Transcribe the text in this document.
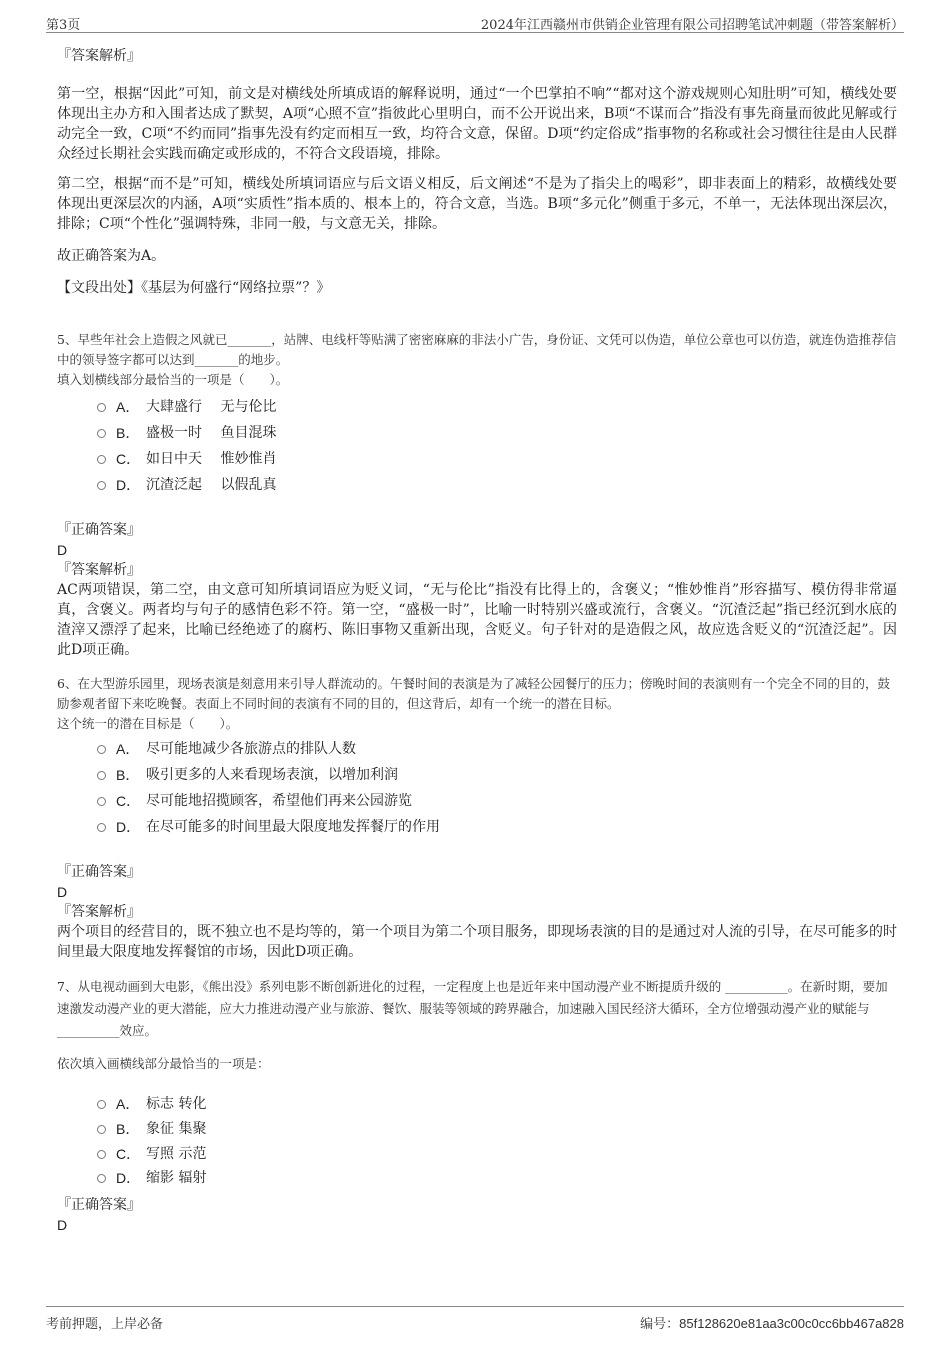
第3页	2024年江西赣州市供销企业管理有限公司招聘笔试冲刺题（带答案解析）

『答案解析』

第一空，根据“因此”可知，前文是对横线处所填成语的解释说明，通过“一个巴掌拍不响”“都对这个游戏规则心知肚明”可知，横线处要体现出主办方和入围者达成了默契，A项“心照不宣”指彼此心里明白，而不公开说出来，B项“不谋而合”指没有事先商量而彼此见解或行动完全一致，C项“不约而同”指事先没有约定而相互一致，均符合文意，保留。D项“约定俗成”指事物的名称或社会习惯往往是由人民群众经过长期社会实践而确定或形成的，不符合文段语境，排除。

第二空，根据“而不是”可知，横线处所填词语应与后文语义相反，后文阐述“不是为了指尖上的喝彩”，即非表面上的精彩，故横线处要体现出更深层次的内涵，A项“实质性”指本质的、根本上的，符合文意，当选。B项“多元化”侧重于多元，不单一，无法体现出深层次，排除；C项“个性化”强调特殊，非同一般，与文意无关，排除。

故正确答案为A。

【文段出处】《基层为何盛行“网络拉票”？》

5、早些年社会上造假之风就已_______，站牌、电线杆等贴满了密密麻麻的非法小广告，身份证、文凭可以伪造，单位公章也可以仿造，就连伪造推荐信中的领导签字都可以达到_______的地步。

填入划横线部分最恰当的一项是（　　）。

A． 大肆盛行　 无与伦比
B． 盛极一时　 鱼目混珠
C． 如日中天　 惟妙惟肖
D． 沉渣泛起　 以假乱真

『正确答案』

D

『答案解析』

AC两项错误，第二空，由文意可知所填词语应为贬义词，“无与伦比”指没有比得上的，含褒义；“惟妙惟肖”形容描写、模仿得非常逼真，含褒义。两者均与句子的感情色彩不符。第一空，“盛极一时”，比喻一时特别兴盛或流行，含褒义。“沉渣泛起”指已经沉到水底的渣滓又漂浮了起来，比喻已经绝迹了的腐朽、陈旧事物又重新出现，含贬义。句子针对的是造假之风，故应选含贬义的“沉渣泛起”。因此D项正确。

6、在大型游乐园里，现场表演是刻意用来引导人群流动的。午餐时间的表演是为了减轻公园餐厅的压力；傍晚时间的表演则有一个完全不同的目的，鼓励参观者留下来吃晚餐。表面上不同时间的表演有不同的目的，但这背后，却有一个统一的潜在目标。

这个统一的潜在目标是（　　）。

A． 尽可能地减少各旅游点的排队人数
B． 吸引更多的人来看现场表演，以增加利润
C． 尽可能地招揽顾客，希望他们再来公园游览
D． 在尽可能多的时间里最大限度地发挥餐厅的作用

『正确答案』

D

『答案解析』

两个项目的经营目的，既不独立也不是均等的，第一个项目为第二个项目服务，即现场表演的目的是通过对人流的引导，在尽可能多的时间里最大限度地发挥餐馆的市场，因此D项正确。

7、从电视动画到大电影，《熊出没》系列电影不断创新进化的过程，一定程度上也是近年来中国动漫产业不断提质升级的 __________。在新时期，要加速激发动漫产业的更大潜能，应大力推进动漫产业与旅游、餐饮、服装等领域的跨界融合，加速融入国民经济大循环，全方位增强动漫产业的赋能与 __________效应。

依次填入画横线部分最恰当的一项是：

A． 标志 转化
B． 象征 集聚
C． 写照 示范
D． 缩影 辐射

『正确答案』

D

考前押题，上岸必备	编号：85f128620e81aa3c00c0cc6bb467a828
